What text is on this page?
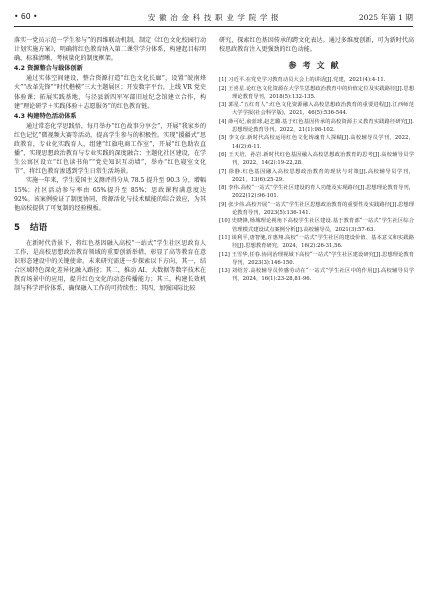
• 60 •	安 徽 冶 金 科 技 职 业 学 院 学 报	2025 年第 1 期

落实一党员示范一学生参与”的四维联动机制，制定《红色文化校园行动计划实施方案》，明确将红色教育纳入第二课堂学分体系，构建起目标明确、标准清晰、考核量化的制度框架。

4.2 资源整合与载体创新

通过实体空间建设，整合资源打造“红色文化长廊”，设置“皖南烽火”“改革先锋”“时代楷模”三大主题展区；开发数字平台，上线 VR 党史体验课；拓展实践基地，与泾县新四军军部旧址纪念馆建立合作，构建“理论研学＋实践体验＋志愿服务”的红色教育链。

4.3 构建特色活动体系

通过常态化学思践悟，每月举办“红色故事分享会”，开展“我家乡的红色记忆”微视频大赛等活动，提高学生参与的积极性。实现“援疆式”思政教育，专业化实践育人，组建“红旗电商工作室”，开展“红色助农直播”，实现思想政治教育与专业实践的深度融合；主题化社区建设，在学生公寓区设立“红色读书角”“党史知识互动墙”，举办“红色寝室文化节”，将红色教育渗透到学生日常生活场景。

实施一年来，学生爱国主义测评得分从 78.5 提升至 90.3 分，增幅 15%；社区活动参与率由 65%提升至 85%；思政课程满意度达 92%。该案例验证了制度协同、资源活化与技术赋能的综合效应，为其他高校提供了可复制的经验模板。

5 结语

在新时代背景下，将红色基因融入高校“一站式”学生社区思政育人工作，是高校思想政治教育领域的重要创新举措，彰显了高等教育在意识形态建设中的关键使命。未来研究需进一步探索以下方向，其一，结合区域特色深化差异化融入路径；其二，推动 AI、大数据等数字技术在教育场景中的应用，提升红色文化的动态传播能力；其三，构建长效机制与科学评价体系，确保融入工作的可持续性；其四，加强国际比较

研究，探索红色基因传承的跨文化表达。通过多维度创新，可为新时代高校思政教育注入更强劲的红色动能。

参考文献

[1] 习近平.在党史学习教育动员大会上的讲话[J].党建，2021(4):4-11.

[2] 王喜星.论红色文化资源在大学生思想政治教育中的价值定位及实践路径[J].思想理论教育导刊，2018(5):132-135.

[3] 郭星.“五红育人”:红色文化资源融入高校思想政治教育的重要进程[J].江西师范大学学报(社会科学版)，2021，46(5):536-544.

[4] 薛可纪,俞蓝球,赵艺璐.基于红色基因传承的高校资源主义教育实践路径研究[J].思想理论教育导刊，2022，21(1):98-102.

[5] 李文彦.新时代高校运用红色文化铸魂育人探赜[J].高校辅导员学刊，2022，14(2):6-11.

[6] 王天培，孙岩.新时代红色基因融入高校思想政治教育的思考[J].高校辅导员学刊，2022，14(2):19-22,28.

[7] 徐静.红色基因融入高校思想政治教育的现状与对策[J].高校辅导员学刊，2021，13(6):25-29.

[8] 李伟.高校“一站式”学生社区建设的育人功能及实现路径[J].思想理论教育导刊，2022(12):96-101.

[9] 张少伟.高校开展“一站式”学生社区思想政治教育的重要性及实践路径[J].思想理论教育导刊，2023(5):136-141.

[10] 史晓锋,杨城理论视角下高校学生社区建设.基于教育部“一站式”学生社区综合管理模式建设试点案例分析[J].高校辅导员，2021(3):57-63.

[11] 谈利平,唐智驰,许惠翔.高校“一站式”学生社区的建设价值、基本意义和实践路径[J].思想教育研究，2024，16(2):26-31,56.

[12] 王雪华,任春.协同治理视域下高校“一站式”学生社区建设研究[J].思想理论教育导刊，2023(3):146-150.

[13] 刘绍芳.高校辅导员传感劳动在“一站式”学生社区中的作用[J].高校辅导员学刊，2024，16(1):23-28,81-96.
